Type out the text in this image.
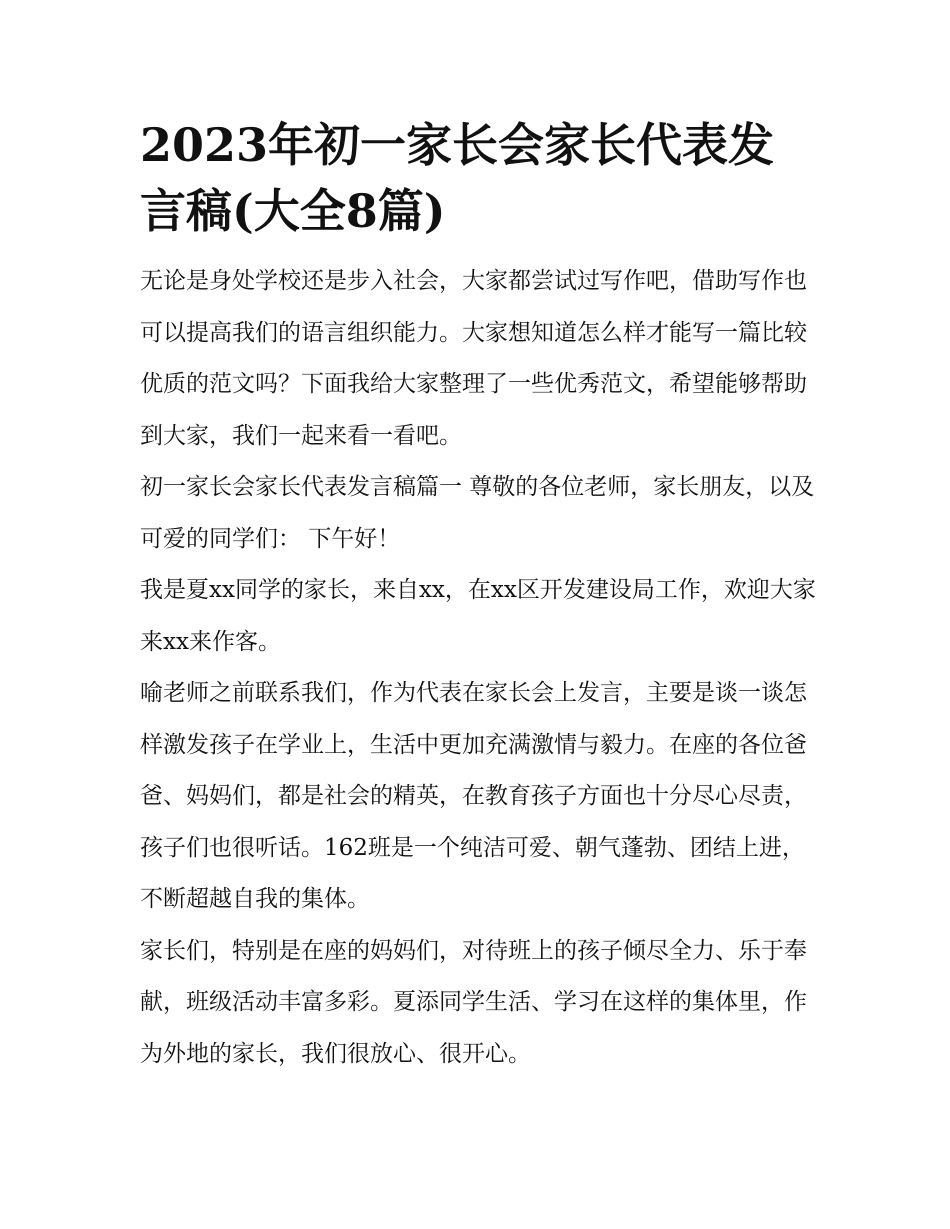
2023年初一家长会家长代表发言稿(大全8篇)

无论是身处学校还是步入社会，大家都尝试过写作吧，借助写作也可以提高我们的语言组织能力。大家想知道怎么样才能写一篇比较优质的范文吗？下面我给大家整理了一些优秀范文，希望能够帮助到大家，我们一起来看一看吧。

初一家长会家长代表发言稿篇一 尊敬的各位老师，家长朋友，以及可爱的同学们： 下午好！

我是夏xx同学的家长，来自xx，在xx区开发建设局工作，欢迎大家来xx来作客。

喻老师之前联系我们，作为代表在家长会上发言，主要是谈一谈怎样激发孩子在学业上，生活中更加充满激情与毅力。在座的各位爸爸、妈妈们，都是社会的精英，在教育孩子方面也十分尽心尽责，孩子们也很听话。162班是一个纯洁可爱、朝气蓬勃、团结上进，不断超越自我的集体。

家长们，特别是在座的妈妈们，对待班上的孩子倾尽全力、乐于奉献，班级活动丰富多彩。夏添同学生活、学习在这样的集体里，作为外地的家长，我们很放心、很开心。
